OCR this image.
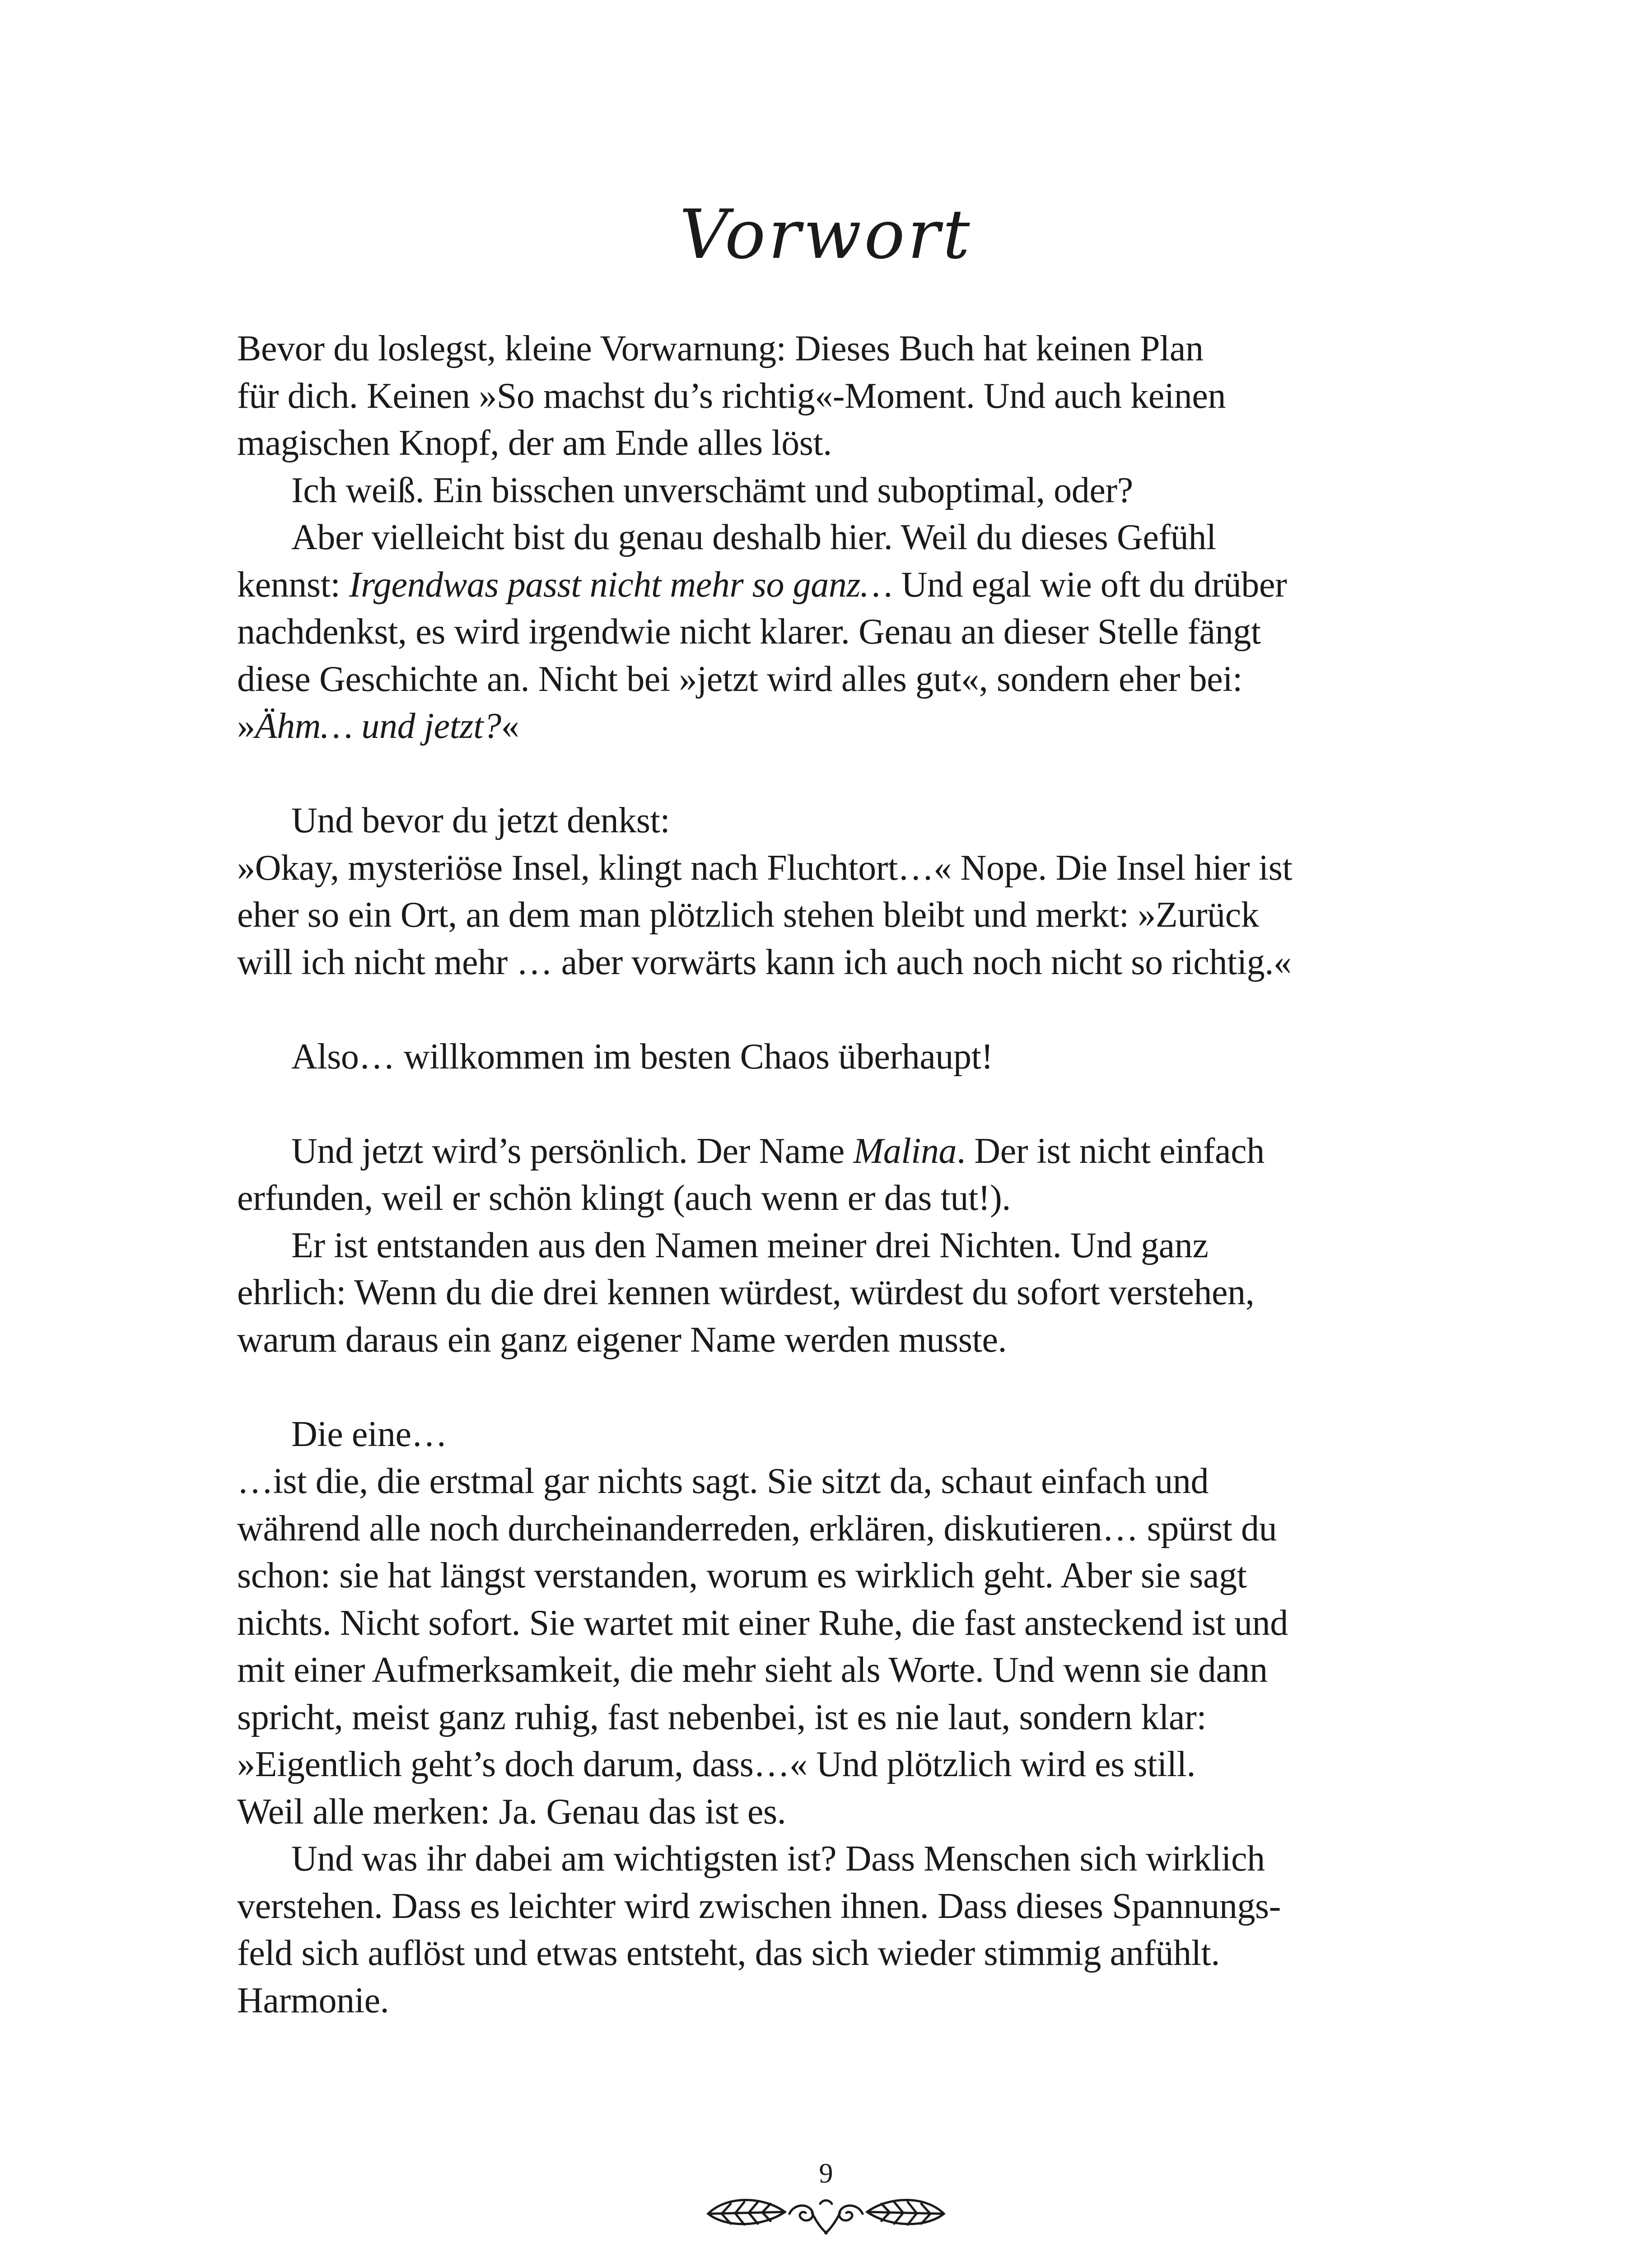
Vorwort
Bevor du loslegst, kleine Vorwarnung: Dieses Buch hat keinen Plan
für dich. Keinen »So machst du’s richtig«-Moment. Und auch keinen
magischen Knopf, der am Ende alles löst.
Ich weiß. Ein bisschen unverschämt und suboptimal, oder?
Aber vielleicht bist du genau deshalb hier. Weil du dieses Gefühl
kennst: Irgendwas passt nicht mehr so ganz… Und egal wie oft du drüber
nachdenkst, es wird irgendwie nicht klarer. Genau an dieser Stelle fängt
diese Geschichte an. Nicht bei »jetzt wird alles gut«, sondern eher bei:
»Ähm… und jetzt?«
Und bevor du jetzt denkst:
»Okay, mysteriöse Insel, klingt nach Fluchtort…« Nope. Die Insel hier ist
eher so ein Ort, an dem man plötzlich stehen bleibt und merkt: »Zurück
will ich nicht mehr … aber vorwärts kann ich auch noch nicht so richtig.«
Also… willkommen im besten Chaos überhaupt!
Und jetzt wird’s persönlich. Der Name Malina. Der ist nicht einfach
erfunden, weil er schön klingt (auch wenn er das tut!).
Er ist entstanden aus den Namen meiner drei Nichten. Und ganz
ehrlich: Wenn du die drei kennen würdest, würdest du sofort verstehen,
warum daraus ein ganz eigener Name werden musste.
Die eine…
…ist die, die erstmal gar nichts sagt. Sie sitzt da, schaut einfach und
während alle noch durcheinanderreden, erklären, diskutieren… spürst du
schon: sie hat längst verstanden, worum es wirklich geht. Aber sie sagt
nichts. Nicht sofort. Sie wartet mit einer Ruhe, die fast ansteckend ist und
mit einer Aufmerksamkeit, die mehr sieht als Worte. Und wenn sie dann
spricht, meist ganz ruhig, fast nebenbei, ist es nie laut, sondern klar:
»Eigentlich geht’s doch darum, dass…« Und plötzlich wird es still.
Weil alle merken: Ja. Genau das ist es.
Und was ihr dabei am wichtigsten ist? Dass Menschen sich wirklich
verstehen. Dass es leichter wird zwischen ihnen. Dass dieses Spannungs-
feld sich auflöst und etwas entsteht, das sich wieder stimmig anfühlt.
Harmonie.
9
